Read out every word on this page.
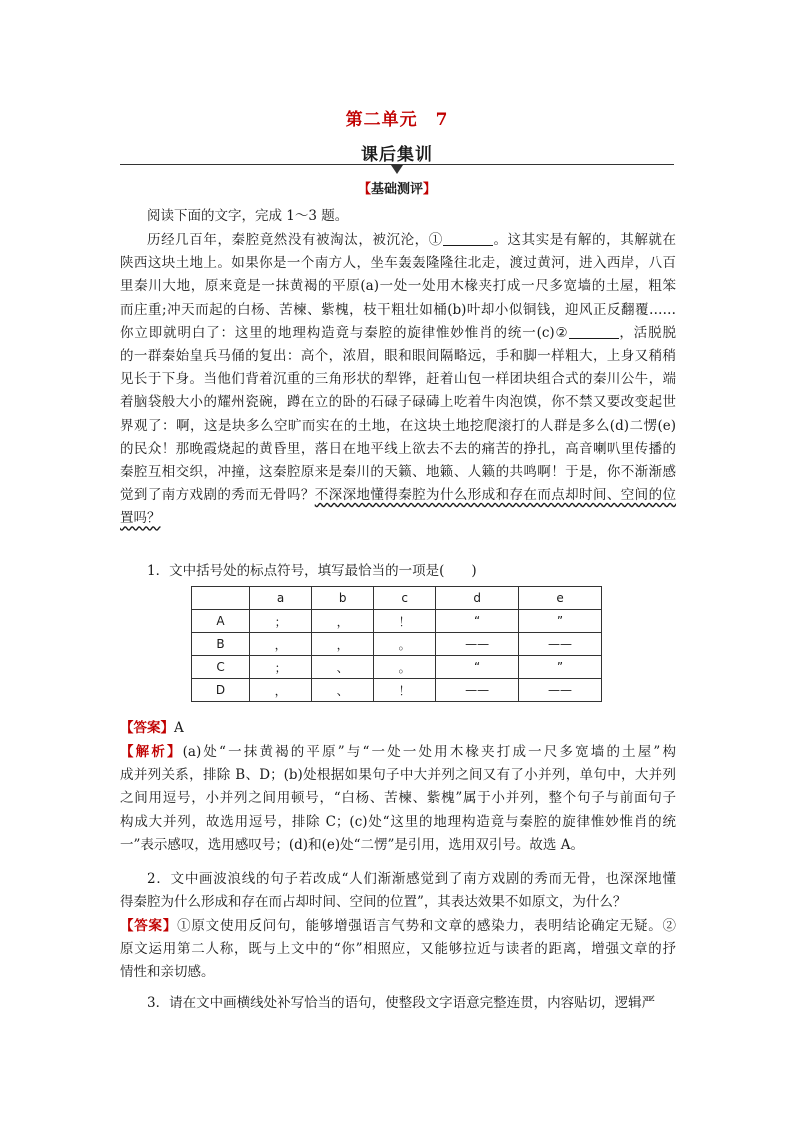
第二单元　7
课后集训
【基础测评】
阅读下面的文字，完成 1～3 题。
历经几百年，秦腔竟然没有被淘汰，被沉沦，①	。这其实是有解的，其解就在
陕西这块土地上。如果你是一个南方人，坐车轰轰隆隆往北走，渡过黄河，进入西岸，八百
里秦川大地，原来竟是一抹黄褐的平原(a)一处一处用木椽夹打成一尺多宽墙的土屋，粗笨
而庄重;冲天而起的白杨、苦楝、紫槐，枝干粗壮如桶(b)叶却小似铜钱，迎风正反翻覆……
你立即就明白了：这里的地理构造竟与秦腔的旋律惟妙惟肖的统一(c)②	，活脱脱
的一群秦始皇兵马俑的复出：高个，浓眉，眼和眼间隔略远，手和脚一样粗大，上身又稍稍
见长于下身。当他们背着沉重的三角形状的犁铧，赶着山包一样团块组合式的秦川公牛，端
着脑袋般大小的耀州瓷碗，蹲在立的卧的石碌子碌碡上吃着牛肉泡馍，你不禁又要改变起世
界观了：啊，这是块多么空旷而实在的土地，在这块土地挖爬滚打的人群是多么(d)二愣(e)
的民众！那晚霞烧起的黄昏里，落日在地平线上欲去不去的痛苦的挣扎，高音喇叭里传播的
秦腔互相交织，冲撞，这秦腔原来是秦川的天籁、地籁、人籁的共鸣啊！于是，你不渐渐感
觉到了南方戏剧的秀而无骨吗？不深深地懂得秦腔为什么形成和存在而点却时间、空间的位
置吗？
1．文中括号处的标点符号，填写最恰当的一项是(　　)
	a	b	c	d	e
A	；	，	！	“	”
B	，	，	。	——	——
C	；	、	。	“	”
D	，	、	！	——	——
【答案】A
【解析】(a)处“一抹黄褐的平原”与“一处一处用木椽夹打成一尺多宽墙的土屋”构
成并列关系，排除 B、D；(b)处根据如果句子中大并列之间又有了小并列，单句中，大并列
之间用逗号，小并列之间用顿号，“白杨、苦楝、紫槐”属于小并列，整个句子与前面句子
构成大并列，故选用逗号，排除 C；(c)处“这里的地理构造竟与秦腔的旋律惟妙惟肖的统
一”表示感叹，选用感叹号；(d)和(e)处“二愣”是引用，选用双引号。故选 A。
2．文中画波浪线的句子若改成“人们渐渐感觉到了南方戏剧的秀而无骨，也深深地懂
得秦腔为什么形成和存在而占却时间、空间的位置”，其表达效果不如原文，为什么？
【答案】①原文使用反问句，能够增强语言气势和文章的感染力，表明结论确定无疑。②
原文运用第二人称，既与上文中的“你”相照应，又能够拉近与读者的距离，增强文章的抒
情性和亲切感。
3．请在文中画横线处补写恰当的语句，使整段文字语意完整连贯，内容贴切，逻辑严
